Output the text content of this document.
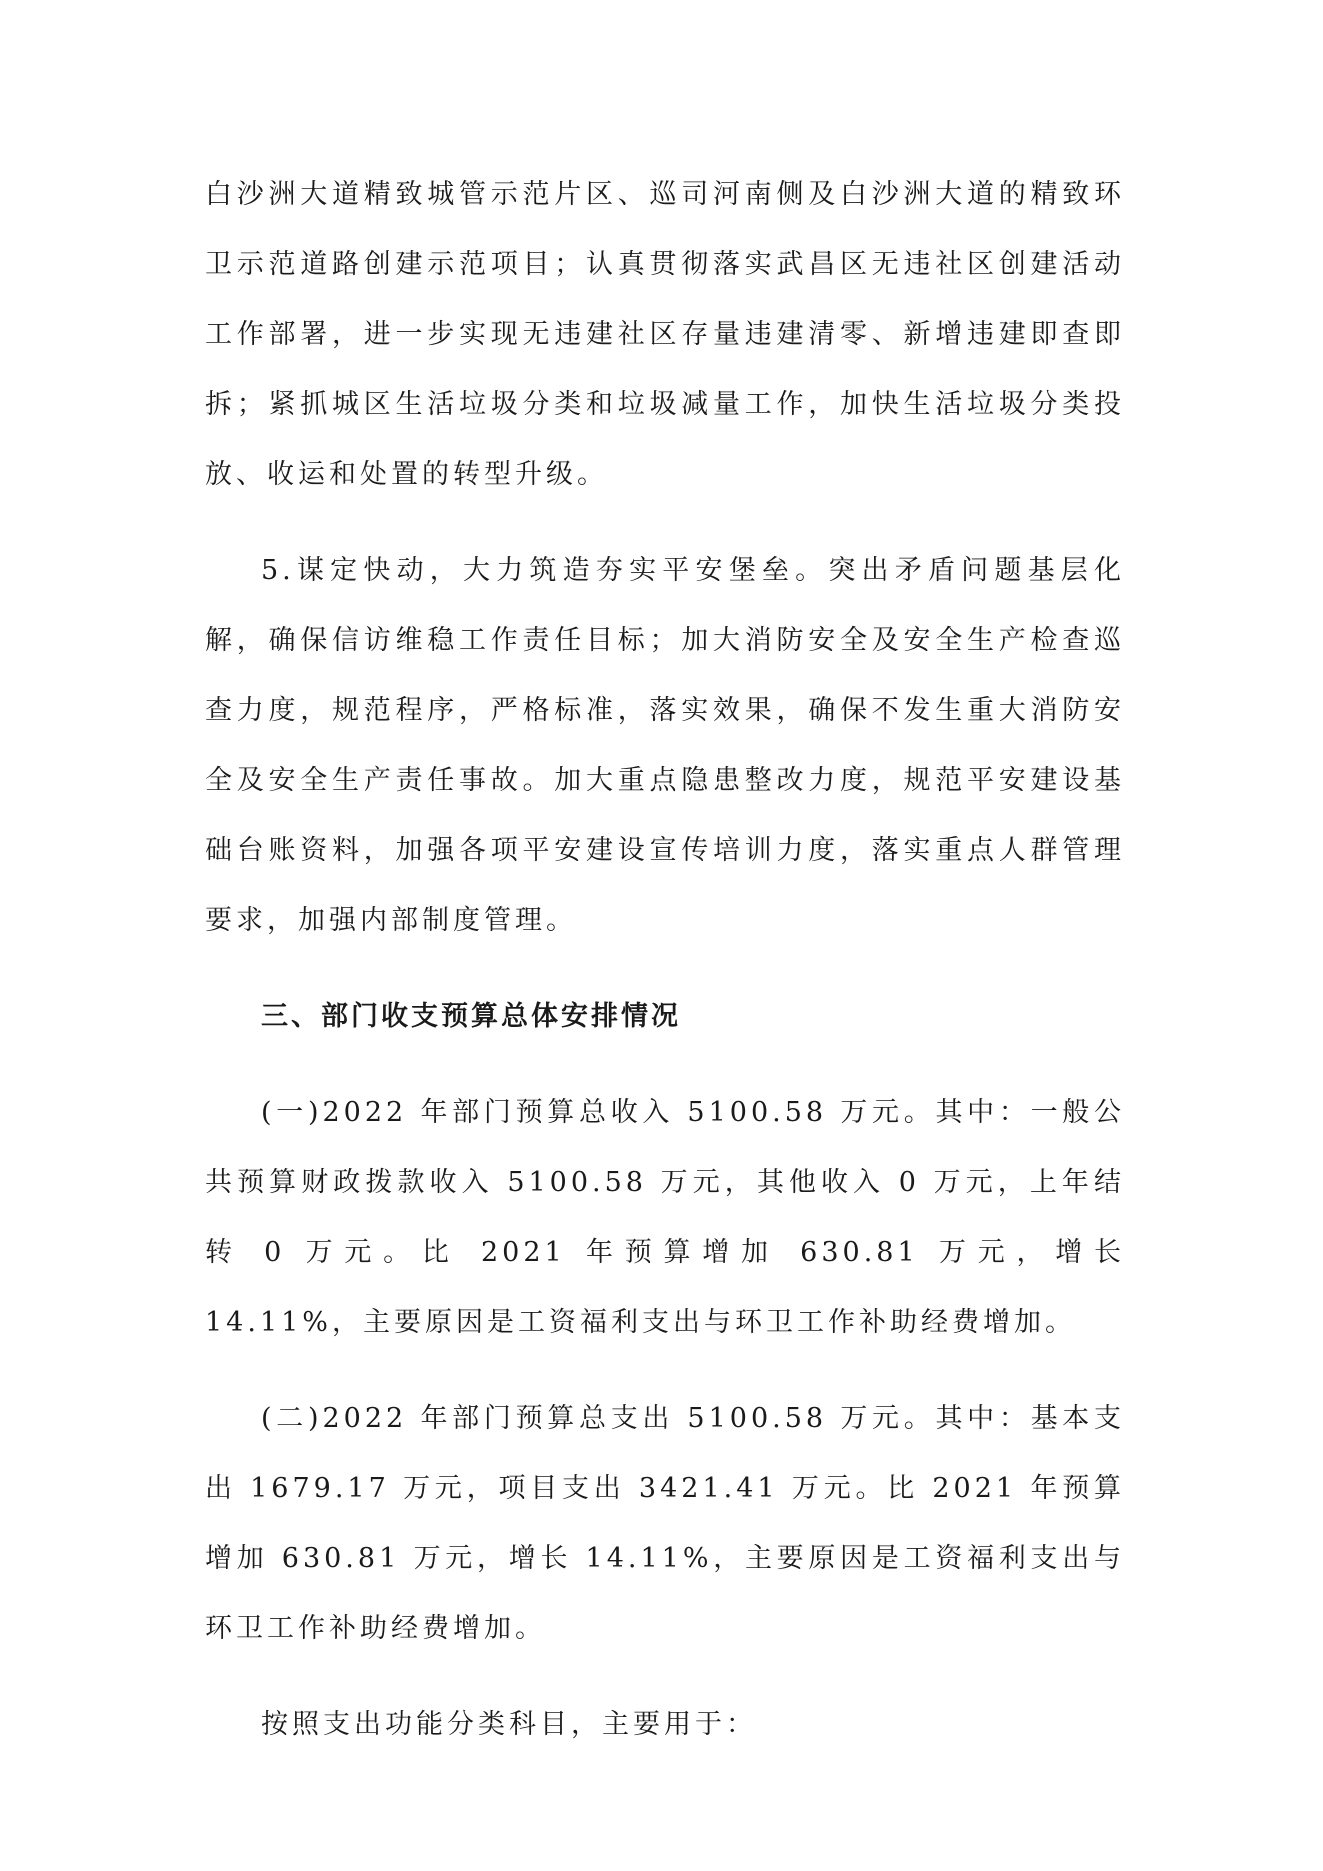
白沙洲大道精致城管示范片区、巡司河南侧及白沙洲大道的精致环卫示范道路创建示范项目；认真贯彻落实武昌区无违社区创建活动工作部署，进一步实现无违建社区存量违建清零、新增违建即查即拆；紧抓城区生活垃圾分类和垃圾减量工作，加快生活垃圾分类投放、收运和处置的转型升级。

5.谋定快动，大力筑造夯实平安堡垒。突出矛盾问题基层化解，确保信访维稳工作责任目标；加大消防安全及安全生产检查巡查力度，规范程序，严格标准，落实效果，确保不发生重大消防安全及安全生产责任事故。加大重点隐患整改力度，规范平安建设基础台账资料，加强各项平安建设宣传培训力度，落实重点人群管理要求，加强内部制度管理。

三、部门收支预算总体安排情况

(一)2022 年部门预算总收入 5100.58 万元。其中：一般公共预算财政拨款收入 5100.58 万元，其他收入 0 万元，上年结转 0 万元。比 2021 年预算增加 630.81 万元，增长 14.11%，主要原因是工资福利支出与环卫工作补助经费增加。

(二)2022 年部门预算总支出 5100.58 万元。其中：基本支出 1679.17 万元，项目支出 3421.41 万元。比 2021 年预算增加 630.81 万元，增长 14.11%，主要原因是工资福利支出与环卫工作补助经费增加。

按照支出功能分类科目，主要用于：
